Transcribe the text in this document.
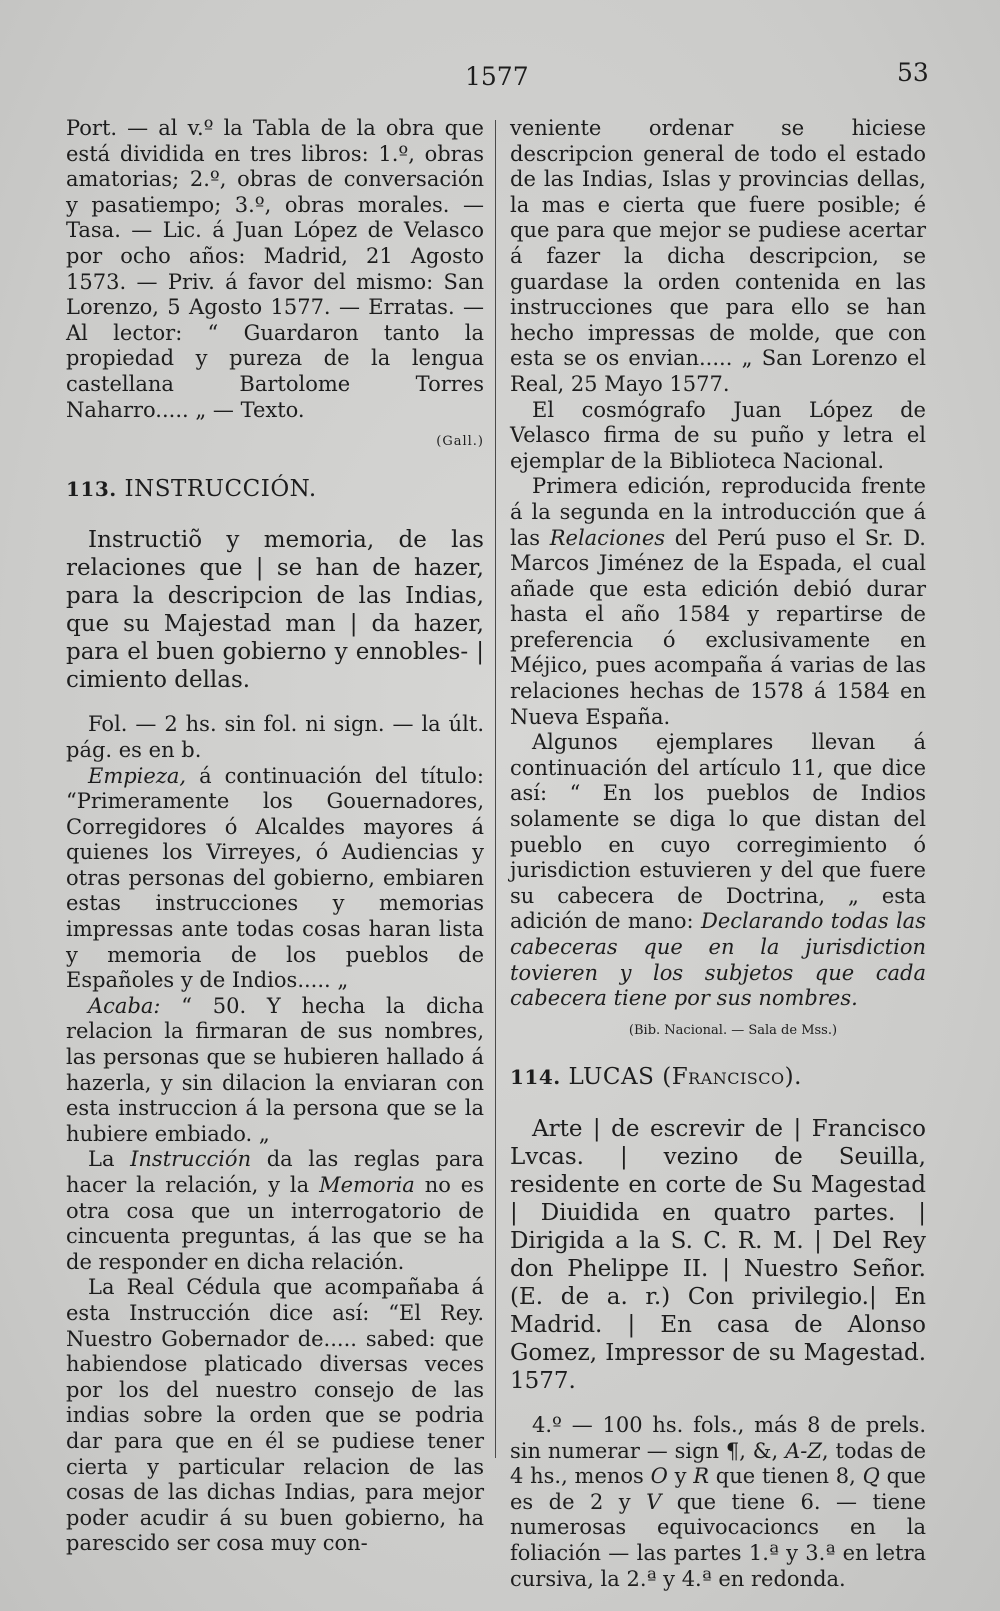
1577	53

Port. — al v.º la Tabla de la obra que está dividida en tres libros: 1.º, obras amatorias; 2.º, obras de conversación y pasatiempo; 3.º, obras morales. — Tasa. — Lic. á Juan López de Velasco por ocho años: Madrid, 21 Agosto 1573. — Priv. á favor del mismo: San Lorenzo, 5 Agosto 1577. — Erratas. — Al lector: “ Guardaron tanto la propiedad y pureza de la lengua castellana Bartolome Torres Naharro..... „ — Texto.

(Gall.)

113. INSTRUCCIÓN.

Instructiõ y memoria, de las relaciones que | se han de hazer, para la descripcion de las Indias, que su Majestad man | da hazer, para el buen gobierno y ennobles- | cimiento dellas.

Fol. — 2 hs. sin fol. ni sign. — la últ. pág. es en b.

Empieza, á continuación del título: “Primeramente los Gouernadores, Corregidores ó Alcaldes mayores á quienes los Virreyes, ó Audiencias y otras personas del gobierno, embiaren estas instrucciones y memorias impressas ante todas cosas haran lista y memoria de los pueblos de Españoles y de Indios..... „

Acaba: “ 50. Y hecha la dicha relacion la firmaran de sus nombres, las personas que se hubieren hallado á hazerla, y sin dilacion la enviaran con esta instruccion á la persona que se la hubiere embiado. „

La Instrucción da las reglas para hacer la relación, y la Memoria no es otra cosa que un interrogatorio de cincuenta preguntas, á las que se ha de responder en dicha relación.

La Real Cédula que acompañaba á esta Instrucción dice así: “El Rey. Nuestro Gobernador de..... sabed: que habiendose platicado diversas veces por los del nuestro consejo de las indias sobre la orden que se podria dar para que en él se pudiese tener cierta y particular relacion de las cosas de las dichas Indias, para mejor poder acudir á su buen gobierno, ha parescido ser cosa muy con-

veniente ordenar se hiciese descripcion general de todo el estado de las Indias, Islas y provincias dellas, la mas e cierta que fuere posible; é que para que mejor se pudiese acertar á fazer la dicha descripcion, se guardase la orden contenida en las instrucciones que para ello se han hecho impressas de molde, que con esta se os envian..... „ San Lorenzo el Real, 25 Mayo 1577.

El cosmógrafo Juan López de Velasco firma de su puño y letra el ejemplar de la Biblioteca Nacional.

Primera edición, reproducida frente á la segunda en la introducción que á las Relaciones del Perú puso el Sr. D. Marcos Jiménez de la Espada, el cual añade que esta edición debió durar hasta el año 1584 y repartirse de preferencia ó exclusivamente en Méjico, pues acompaña á varias de las relaciones hechas de 1578 á 1584 en Nueva España.

Algunos ejemplares llevan á continuación del artículo 11, que dice así: “ En los pueblos de Indios solamente se diga lo que distan del pueblo en cuyo corregimiento ó jurisdiction estuvieren y del que fuere su cabecera de Doctrina, „ esta adición de mano: Declarando todas las cabeceras que en la jurisdiction tovieren y los subjetos que cada cabecera tiene por sus nombres.

(Bib. Nacional. — Sala de Mss.)

114. LUCAS (Francisco).

Arte | de escrevir de | Francisco Lvcas. | vezino de Seuilla, residente en corte de Su Magestad | Diuidida en quatro partes. | Dirigida a la S. C. R. M. | Del Rey don Phelippe II. | Nuestro Señor. (E. de a. r.) Con privilegio.| En Madrid. | En casa de Alonso Gomez, Impressor de su Magestad. 1577.

4.º — 100 hs. fols., más 8 de prels. sin numerar — sign ¶, &, A-Z, todas de 4 hs., menos O y R que tienen 8, Q que es de 2 y V que tiene 6. — tiene numerosas equivocacioncs en la foliación — las partes 1.ª y 3.ª en letra cursiva, la 2.ª y 4.ª en redonda.
